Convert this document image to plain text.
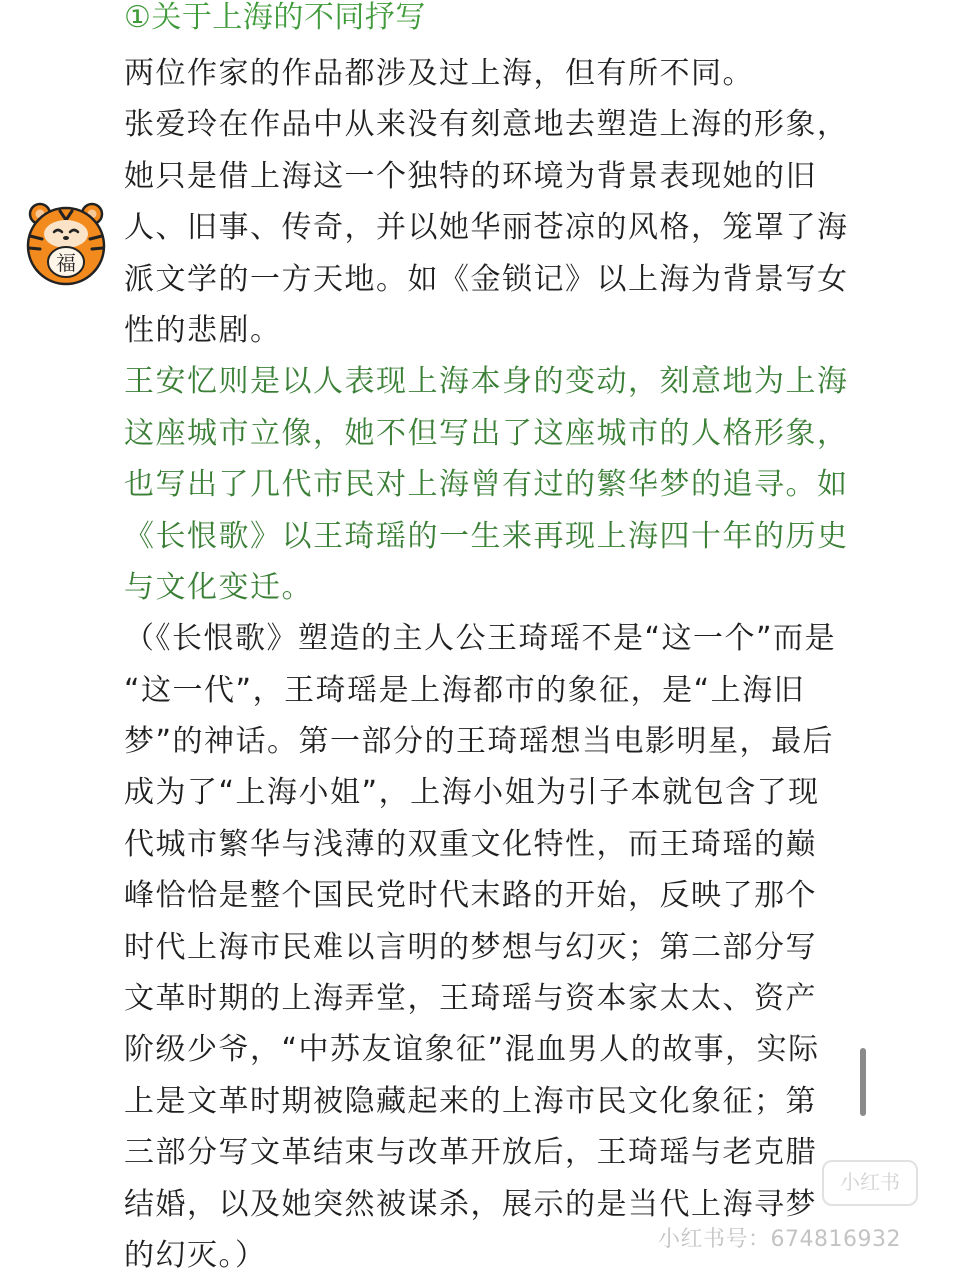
①关于上海的不同抒写
福
两位作家的作品都涉及过上海，但有所不同。
张爱玲在作品中从来没有刻意地去塑造上海的形象，
她只是借上海这一个独特的环境为背景表现她的旧
人、旧事、传奇，并以她华丽苍凉的风格，笼罩了海
派文学的一方天地。如《金锁记》以上海为背景写女
性的悲剧。
王安忆则是以人表现上海本身的变动，刻意地为上海
这座城市立像，她不但写出了这座城市的人格形象，
也写出了几代市民对上海曾有过的繁华梦的追寻。如
《长恨歌》以王琦瑶的一生来再现上海四十年的历史
与文化变迁。
（《长恨歌》塑造的主人公王琦瑶不是“这一个”而是
“这一代”，王琦瑶是上海都市的象征，是“上海旧
梦”的神话。第一部分的王琦瑶想当电影明星，最后
成为了“上海小姐”，上海小姐为引子本就包含了现
代城市繁华与浅薄的双重文化特性，而王琦瑶的巅
峰恰恰是整个国民党时代末路的开始，反映了那个
时代上海市民难以言明的梦想与幻灭；第二部分写
文革时期的上海弄堂，王琦瑶与资本家太太、资产
阶级少爷，“中苏友谊象征”混血男人的故事，实际
上是文革时期被隐藏起来的上海市民文化象征；第
三部分写文革结束与改革开放后，王琦瑶与老克腊
结婚，以及她突然被谋杀，展示的是当代上海寻梦
的幻灭。）
小红书
小红书号：674816932
